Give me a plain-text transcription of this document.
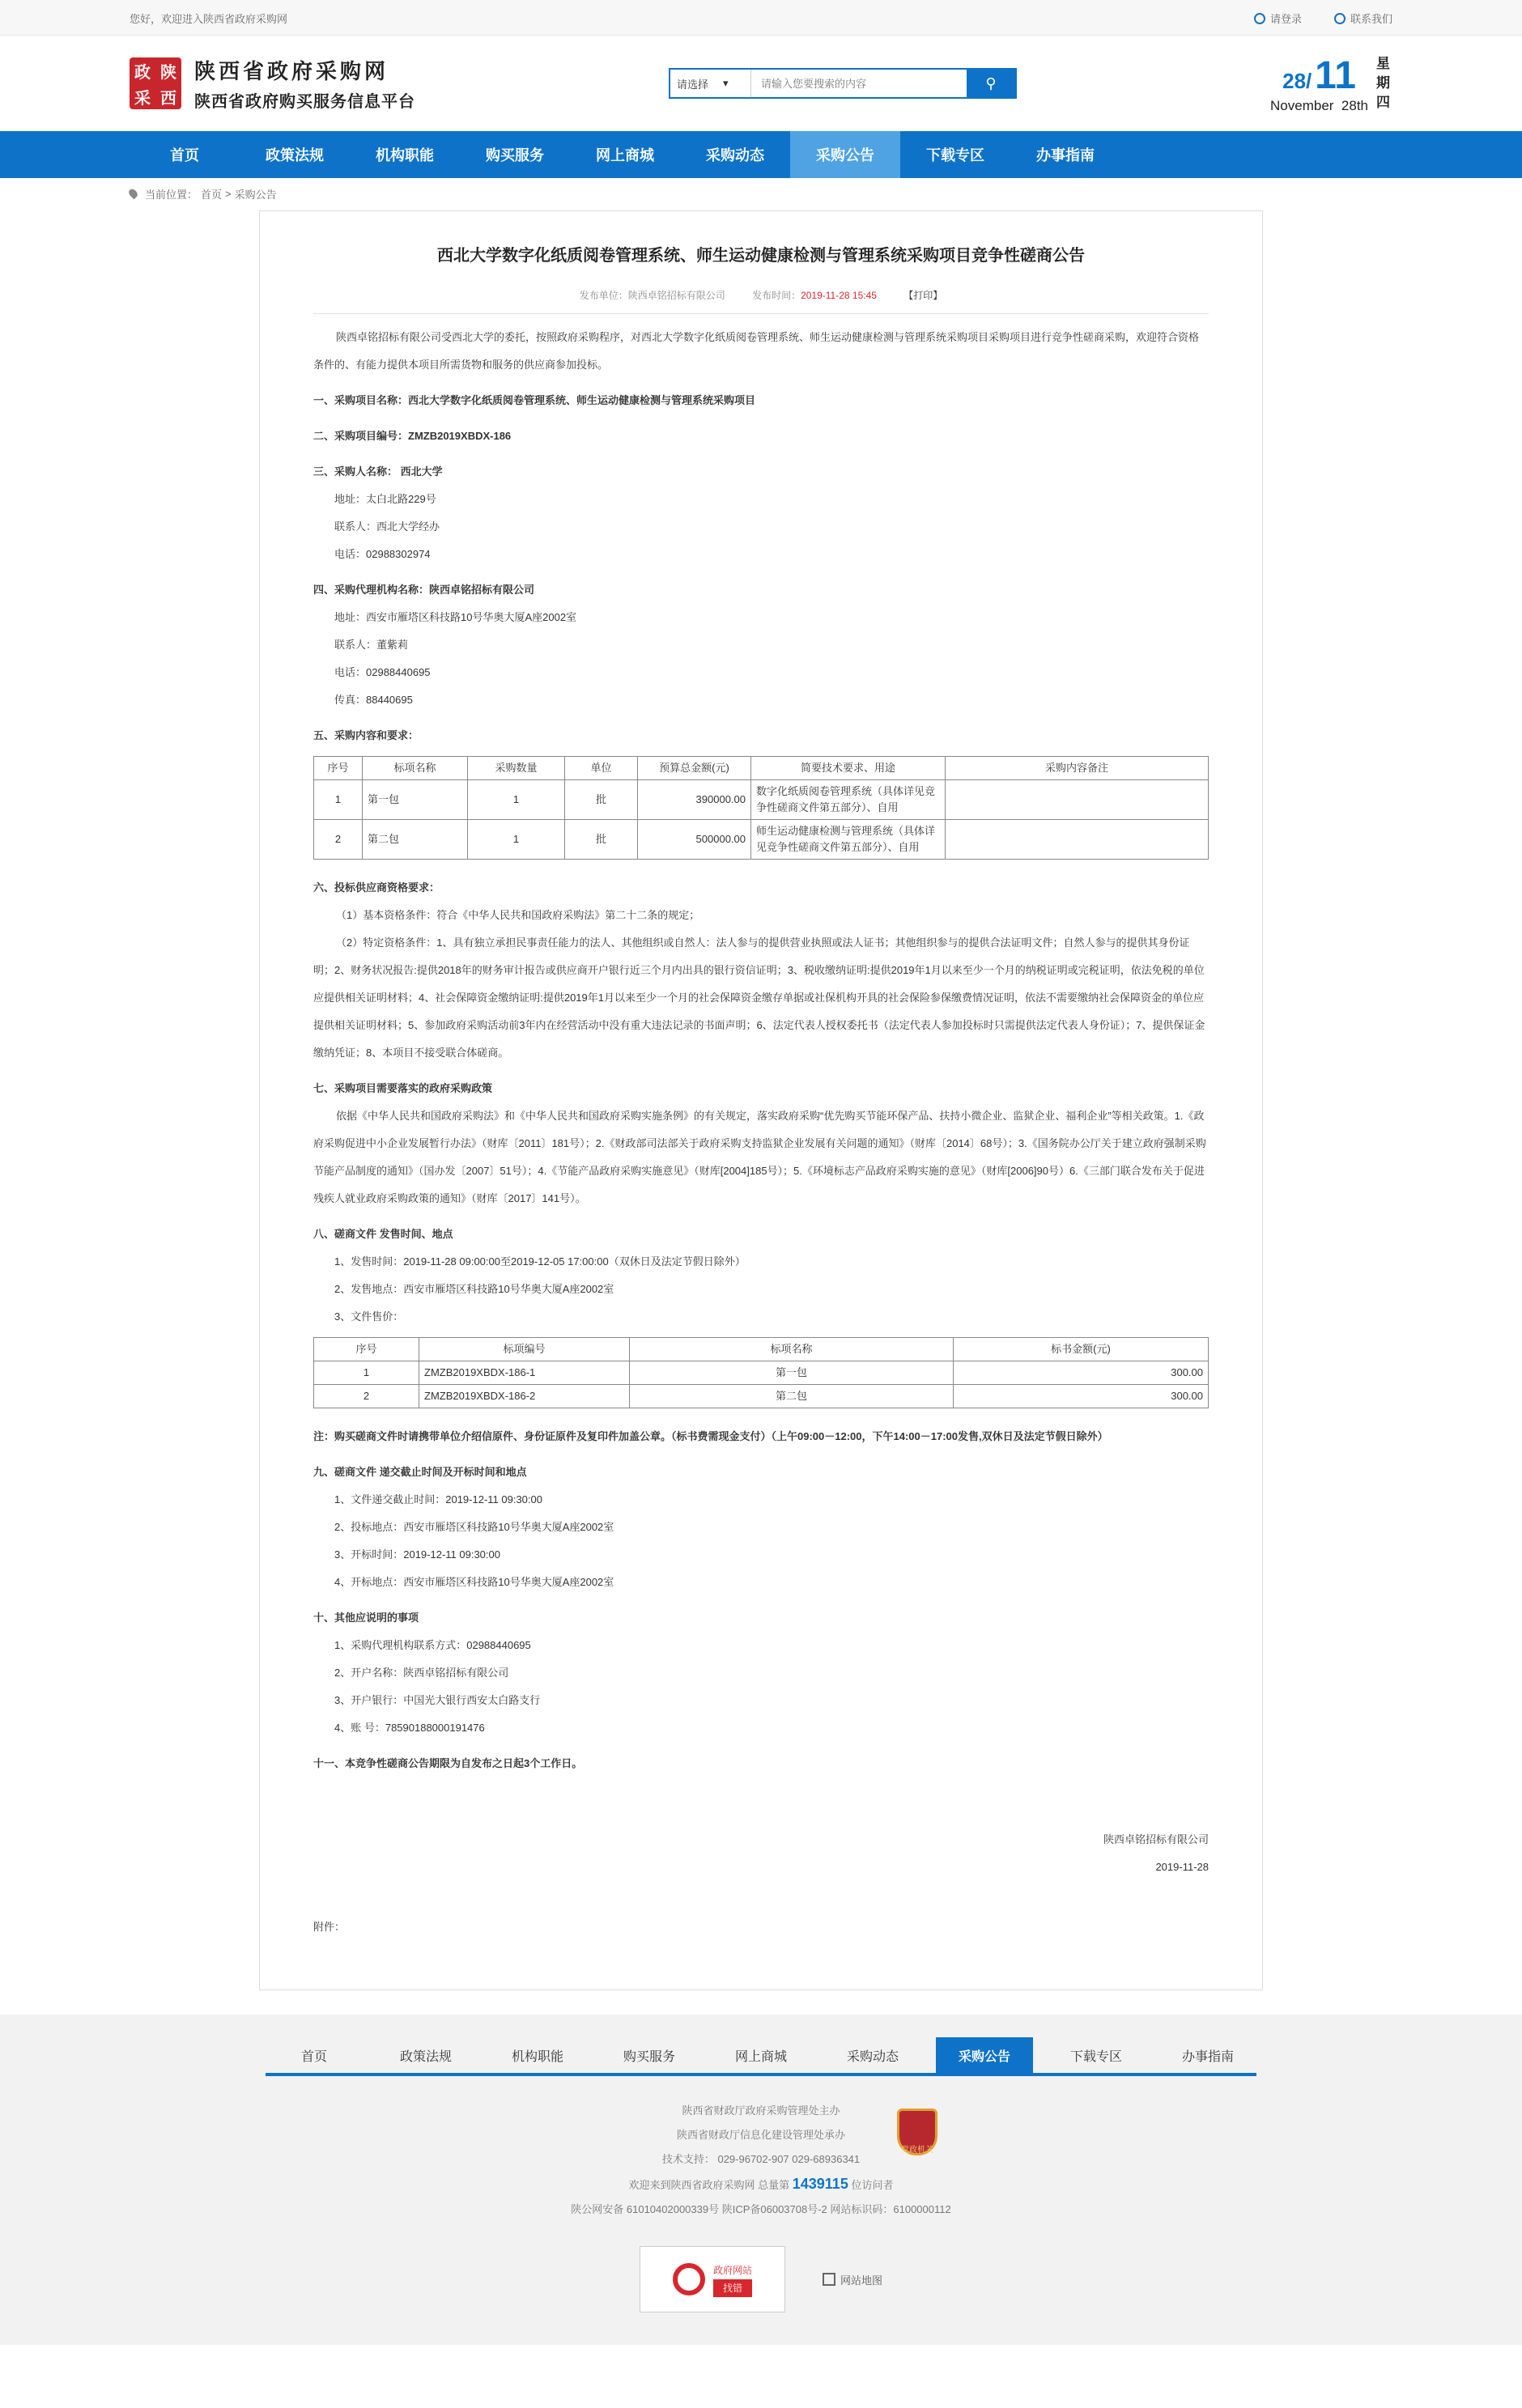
您好，欢迎进入陕西省政府采购网	请登录	联系我们
政 陕
采 西
陕西省政府采购网
陕西省政府购买服务信息平台
请选择 ▾
请输入您要搜索的内容	⚲	28/ 11
November 28th
星
期
四
首页	政策法规	机构职能	购买服务	网上商城	采购动态	采购公告	下载专区	办事指南
当前位置： 首页 > 采购公告
西北大学数字化纸质阅卷管理系统、师生运动健康检测与管理系统采购项目竞争性磋商公告
发布单位：陕西卓铭招标有限公司	发布时间：2019-11-28 15:45	【打印】

陕西卓铭招标有限公司受西北大学的委托，按照政府采购程序，对西北大学数字化纸质阅卷管理系统、师生运动健康检测与管理系统采购项目采购项目进行竞争性磋商采购，欢迎符合资格条件的、有能力提供本项目所需货物和服务的供应商参加投标。

一、采购项目名称：西北大学数字化纸质阅卷管理系统、师生运动健康检测与管理系统采购项目

二、采购项目编号：ZMZB2019XBDX-186

三、采购人名称： 西北大学

地址：太白北路229号

联系人：西北大学经办

电话：02988302974

四、采购代理机构名称：陕西卓铭招标有限公司

地址：西安市雁塔区科技路10号华奥大厦A座2002室

联系人：董紫莉

电话：02988440695

传真：88440695

五、采购内容和要求：

序号	标项名称	采购数量	单位	预算总金额(元)	简要技术要求、用途	采购内容备注
1	第一包	1	批	390000.00	数字化纸质阅卷管理系统（具体详见竞争性磋商文件第五部分）、自用	
2	第二包	1	批	500000.00	师生运动健康检测与管理系统（具体详见竞争性磋商文件第五部分）、自用	

六、投标供应商资格要求：

（1）基本资格条件：符合《中华人民共和国政府采购法》第二十二条的规定；

（2）特定资格条件：1、具有独立承担民事责任能力的法人、其他组织或自然人：法人参与的提供营业执照或法人证书；其他组织参与的提供合法证明文件；自然人参与的提供其身份证明；2、财务状况报告:提供2018年的财务审计报告或供应商开户银行近三个月内出具的银行资信证明；3、税收缴纳证明:提供2019年1月以来至少一个月的纳税证明或完税证明，依法免税的单位应提供相关证明材料；4、社会保障资金缴纳证明:提供2019年1月以来至少一个月的社会保障资金缴存单据或社保机构开具的社会保险参保缴费情况证明，依法不需要缴纳社会保障资金的单位应提供相关证明材料；5、参加政府采购活动前3年内在经营活动中没有重大违法记录的书面声明；6、法定代表人授权委托书（法定代表人参加投标时只需提供法定代表人身份证）；7、提供保证金缴纳凭证；8、本项目不接受联合体磋商。

七、采购项目需要落实的政府采购政策

依据《中华人民共和国政府采购法》和《中华人民共和国政府采购实施条例》的有关规定，落实政府采购“优先购买节能环保产品、扶持小微企业、监狱企业、福利企业”等相关政策。1.《政府采购促进中小企业发展暂行办法》（财库〔2011〕181号）；2.《财政部司法部关于政府采购支持监狱企业发展有关问题的通知》（财库〔2014〕68号）；3.《国务院办公厅关于建立政府强制采购节能产品制度的通知》（国办发〔2007〕51号）；4.《节能产品政府采购实施意见》（财库[2004]185号）；5.《环境标志产品政府采购实施的意见》（财库[2006]90号）6.《三部门联合发布关于促进残疾人就业政府采购政策的通知》（财库〔2017〕141号）。

八、磋商文件 发售时间、地点

1、发售时间：2019-11-28 09:00:00至2019-12-05 17:00:00（双休日及法定节假日除外）

2、发售地点：西安市雁塔区科技路10号华奥大厦A座2002室

3、文件售价：

序号	标项编号	标项名称	标书金额(元)
1	ZMZB2019XBDX-186-1	第一包	300.00
2	ZMZB2019XBDX-186-2	第二包	300.00

注：购买磋商文件时请携带单位介绍信原件、身份证原件及复印件加盖公章。（标书费需现金支付）（上午09:00－12:00，下午14:00－17:00发售,双休日及法定节假日除外）

九、磋商文件 递交截止时间及开标时间和地点

1、文件递交截止时间：2019-12-11 09:30:00

2、投标地点：西安市雁塔区科技路10号华奥大厦A座2002室

3、开标时间：2019-12-11 09:30:00

4、开标地点：西安市雁塔区科技路10号华奥大厦A座2002室

十、其他应说明的事项

1、采购代理机构联系方式：02988440695

2、开户名称：陕西卓铭招标有限公司

3、开户银行：中国光大银行西安太白路支行

4、账 号：78590188000191476

十一、本竞争性磋商公告期限为自发布之日起3个工作日。

陕西卓铭招标有限公司
2019-11-28
附件：
首页	政策法规	机构职能	购买服务	网上商城	采购动态	采购公告	下载专区	办事指南
陕西省财政厅政府采购管理处主办
陕西省财政厅信息化建设管理处承办
技术支持： 029-96702-907 029-68936341
欢迎来到陕西省政府采购网 总量第 1439115 位访问者
陕公网安备 61010402000339号 陕ICP备06003708号-2 网站标识码：6100000112
党政机关
政府网站
找错
网站地图
